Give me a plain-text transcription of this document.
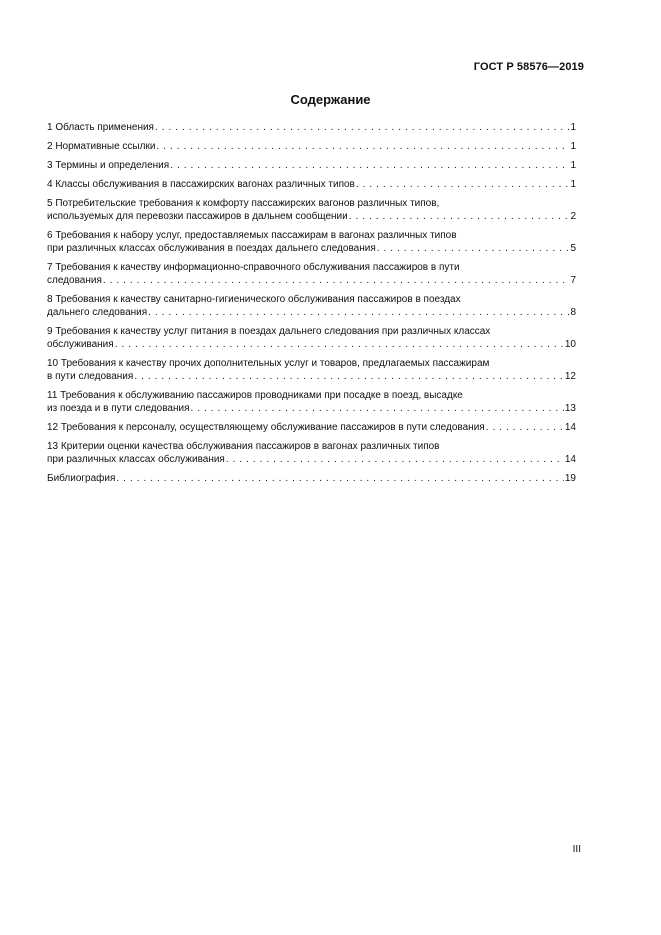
ГОСТ Р 58576—2019
Содержание
1 Область применения . . .	1
2 Нормативные ссылки . . .	1
3 Термины и определения . . .	1
4 Классы обслуживания в пассажирских вагонах различных типов . . .	1
5 Потребительские требования к комфорту пассажирских вагонов различных типов,
используемых для перевозки пассажиров в дальнем сообщении . . .	2
6 Требования к набору услуг, предоставляемых пассажирам в вагонах различных типов
при различных классах обслуживания в поездах дальнего следования . . .	5
7 Требования к качеству информационно-справочного обслуживания пассажиров в пути
следования . . .	7
8 Требования к качеству санитарно-гигиенического обслуживания пассажиров в поездах
дальнего следования . . .	8
9 Требования к качеству услуг питания в поездах дальнего следования при различных классах
обслуживания . . .	10
10 Требования к качеству прочих дополнительных услуг и товаров, предлагаемых пассажирам
в пути следования . . .	12
11 Требования к обслуживанию пассажиров проводниками при посадке в поезд, высадке
из поезда и в пути следования . . .	13
12 Требования к персоналу, осуществляющему обслуживание пассажиров в пути следования . . .	14
13 Критерии оценки качества обслуживания пассажиров в вагонах различных типов
при различных классах обслуживания . . .	14
Библиография . . .	19
III
